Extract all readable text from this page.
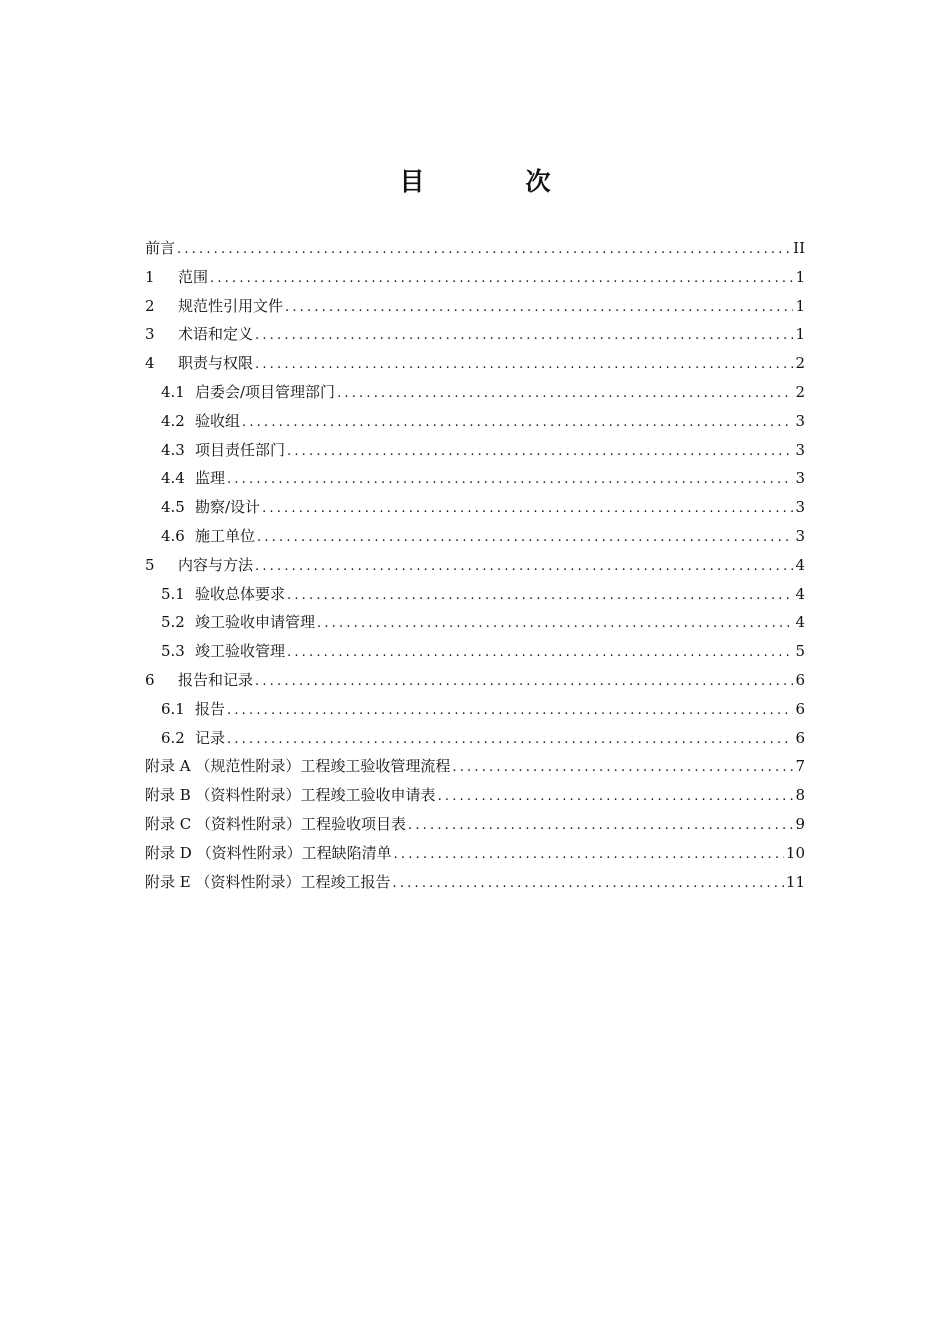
目　次
前言 .....	II
1	范围 .....	1
2	规范性引用文件 .....	1
3	术语和定义 .....	1
4	职责与权限 .....	2
4.1 启委会/项目管理部门 .....	2
4.2 验收组 .....	3
4.3 项目责任部门 .....	3
4.4 监理 .....	3
4.5 勘察/设计 .....	3
4.6 施工单位 .....	3
5	内容与方法 .....	4
5.1 验收总体要求 .....	4
5.2 竣工验收申请管理 .....	4
5.3 竣工验收管理 .....	5
6	报告和记录 .....	6
6.1 报告 .....	6
6.2 记录 .....	6
附录 A （规范性附录）工程竣工验收管理流程 .....	7
附录 B （资料性附录）工程竣工验收申请表 .....	8
附录 C （资料性附录）工程验收项目表 .....	9
附录 D （资料性附录）工程缺陷清单 .....	10
附录 E （资料性附录）工程竣工报告 .....	11
